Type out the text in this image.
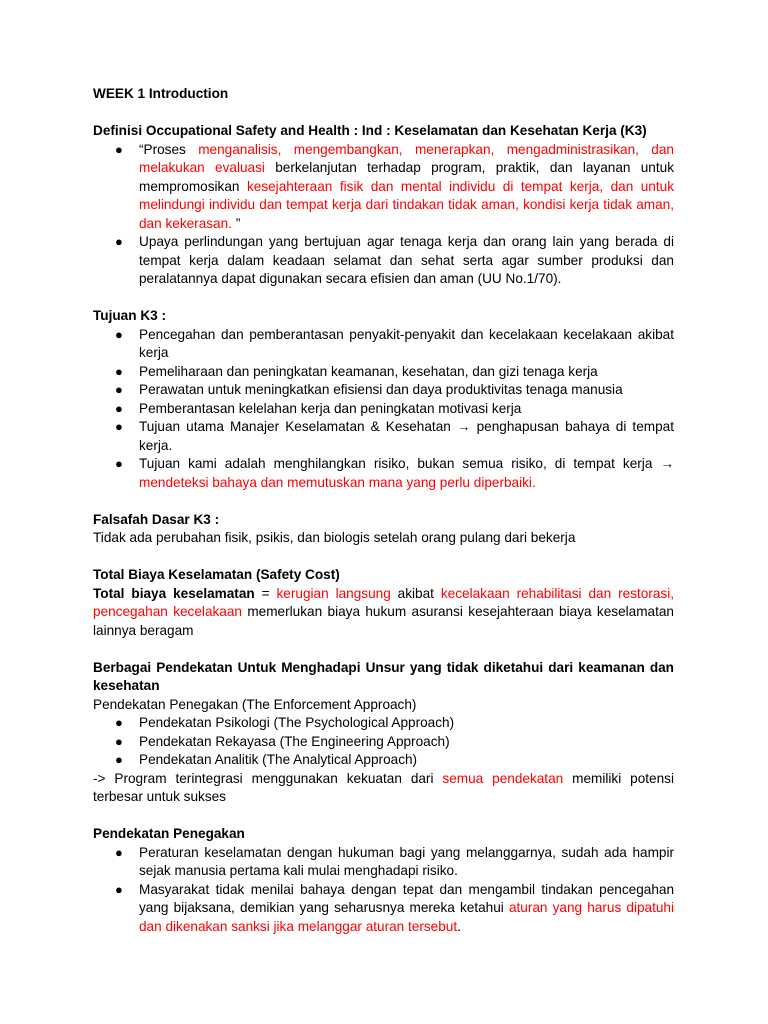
WEEK 1 Introduction

Definisi Occupational Safety and Health : Ind : Keselamatan dan Kesehatan Kerja (K3)

● “Proses menganalisis, mengembangkan, menerapkan, mengadministrasikan, dan melakukan evaluasi berkelanjutan terhadap program, praktik, dan layanan untuk mempromosikan kesejahteraan fisik dan mental individu di tempat kerja, dan untuk melindungi individu dan tempat kerja dari tindakan tidak aman, kondisi kerja tidak aman, dan kekerasan. ”
● Upaya perlindungan yang bertujuan agar tenaga kerja dan orang lain yang berada di tempat kerja dalam keadaan selamat dan sehat serta agar sumber produksi dan peralatannya dapat digunakan secara efisien dan aman (UU No.1/70).

Tujuan K3 :

● Pencegahan dan pemberantasan penyakit-penyakit dan kecelakaan kecelakaan akibat kerja
● Pemeliharaan dan peningkatan keamanan, kesehatan, dan gizi tenaga kerja
● Perawatan untuk meningkatkan efisiensi dan daya produktivitas tenaga manusia
● Pemberantasan kelelahan kerja dan peningkatan motivasi kerja
● Tujuan utama Manajer Keselamatan & Kesehatan → penghapusan bahaya di tempat kerja.
● Tujuan kami adalah menghilangkan risiko, bukan semua risiko, di tempat kerja → mendeteksi bahaya dan memutuskan mana yang perlu diperbaiki.

Falsafah Dasar K3 :

Tidak ada perubahan fisik, psikis, dan biologis setelah orang pulang dari bekerja

Total Biaya Keselamatan (Safety Cost)

Total biaya keselamatan = kerugian langsung akibat kecelakaan rehabilitasi dan restorasi, pencegahan kecelakaan memerlukan biaya hukum asuransi kesejahteraan biaya keselamatan lainnya beragam

Berbagai Pendekatan Untuk Menghadapi Unsur yang tidak diketahui dari keamanan dan kesehatan

Pendekatan Penegakan (The Enforcement Approach)

● Pendekatan Psikologi (The Psychological Approach)
● Pendekatan Rekayasa (The Engineering Approach)
● Pendekatan Analitik (The Analytical Approach)

-> Program terintegrasi menggunakan kekuatan dari semua pendekatan memiliki potensi terbesar untuk sukses

Pendekatan Penegakan

● Peraturan keselamatan dengan hukuman bagi yang melanggarnya, sudah ada hampir sejak manusia pertama kali mulai menghadapi risiko.
● Masyarakat tidak menilai bahaya dengan tepat dan mengambil tindakan pencegahan yang bijaksana, demikian yang seharusnya mereka ketahui aturan yang harus dipatuhi dan dikenakan sanksi jika melanggar aturan tersebut.
